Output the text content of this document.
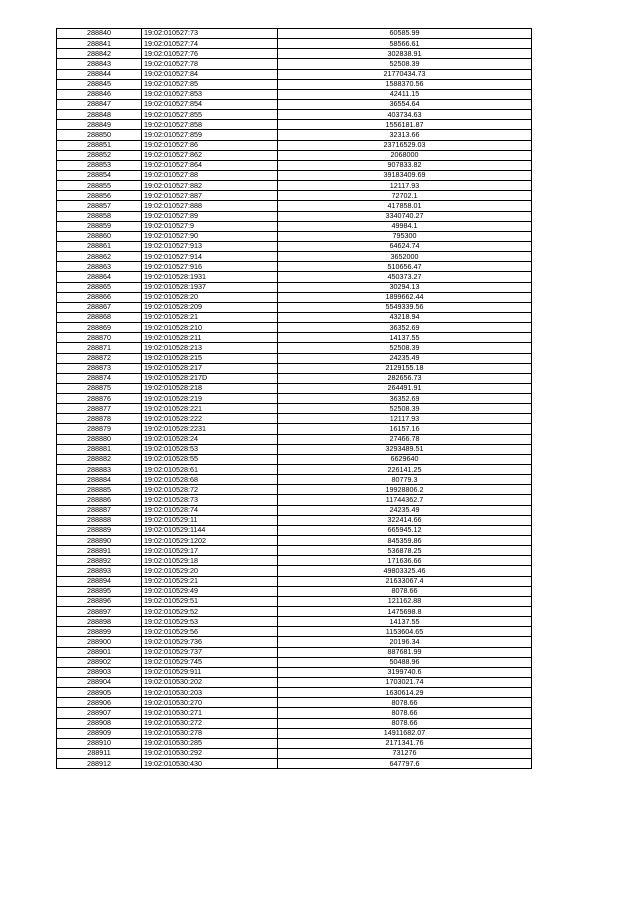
288840	19:02:010527:73	60585.99
288841	19:02:010527:74	58566.61
288842	19:02:010527:76	302838.91
288843	19:02:010527:78	52508.39
288844	19:02:010527:84	21770434.73
288845	19:02:010527:85	1588370.56
288846	19:02:010527:853	42411.15
288847	19:02:010527:854	36554.64
288848	19:02:010527:855	403734.63
288849	19:02:010527:858	1556181.87
288850	19:02:010527:859	32313.66
288851	19:02:010527:86	23716529.03
288852	19:02:010527:862	2068000
288853	19:02:010527:864	907833.82
288854	19:02:010527:88	39183409.69
288855	19:02:010527:882	12117.93
288856	19:02:010527:887	72702.1
288857	19:02:010527:888	417858.01
288858	19:02:010527:89	3340740.27
288859	19:02:010527:9	49984.1
288860	19:02:010527:90	795300
288861	19:02:010527:913	64624.74
288862	19:02:010527:914	3652000
288863	19:02:010527:916	510656.47
288864	19:02:010528:1931	450373.27
288865	19:02:010528:1937	30294.13
288866	19:02:010528:20	1899662.44
288867	19:02:010528:209	5549339.56
288868	19:02:010528:21	43218.94
288869	19:02:010528:210	36352.69
288870	19:02:010528:211	14137.55
288871	19:02:010528:213	52508.39
288872	19:02:010528:215	24235.49
288873	19:02:010528:217	2129155.18
288874	19:02:010528:217D	282656.73
288875	19:02:010528:218	264491.91
288876	19:02:010528:219	36352.69
288877	19:02:010528:221	52508.39
288878	19:02:010528:222	12117.93
288879	19:02:010528:2231	16157.16
288880	19:02:010528:24	27466.78
288881	19:02:010528:53	3293489.51
288882	19:02:010528:55	6629640
288883	19:02:010528:61	226141.25
288884	19:02:010528:68	80779.3
288885	19:02:010528:72	19928806.2
288886	19:02:010528:73	11744362.7
288887	19:02:010528:74	24235.49
288888	19:02:010529:11	322414.66
288889	19:02:010529:1144	665945.12
288890	19:02:010529:1202	845359.86
288891	19:02:010529:17	536878.25
288892	19:02:010529:18	171636.66
288893	19:02:010529:20	49803325.46
288894	19:02:010529:21	21633067.4
288895	19:02:010529:49	8078.66
288896	19:02:010529:51	121162.88
288897	19:02:010529:52	1475698.8
288898	19:02:010529:53	14137.55
288899	19:02:010529:56	1153604.65
288900	19:02:010529:736	20196.34
288901	19:02:010529:737	887681.99
288902	19:02:010529:745	50488.96
288903	19:02:010529:911	3199740.6
288904	19:02:010530:202	1703021.74
288905	19:02:010530:203	1630614.29
288906	19:02:010530:270	8078.66
288907	19:02:010530:271	8078.66
288908	19:02:010530:272	8078.66
288909	19:02:010530:278	14911682.07
288910	19:02:010530:285	2171341.76
288911	19:02:010530:292	731276
288912	19:02:010530:430	647797.6
